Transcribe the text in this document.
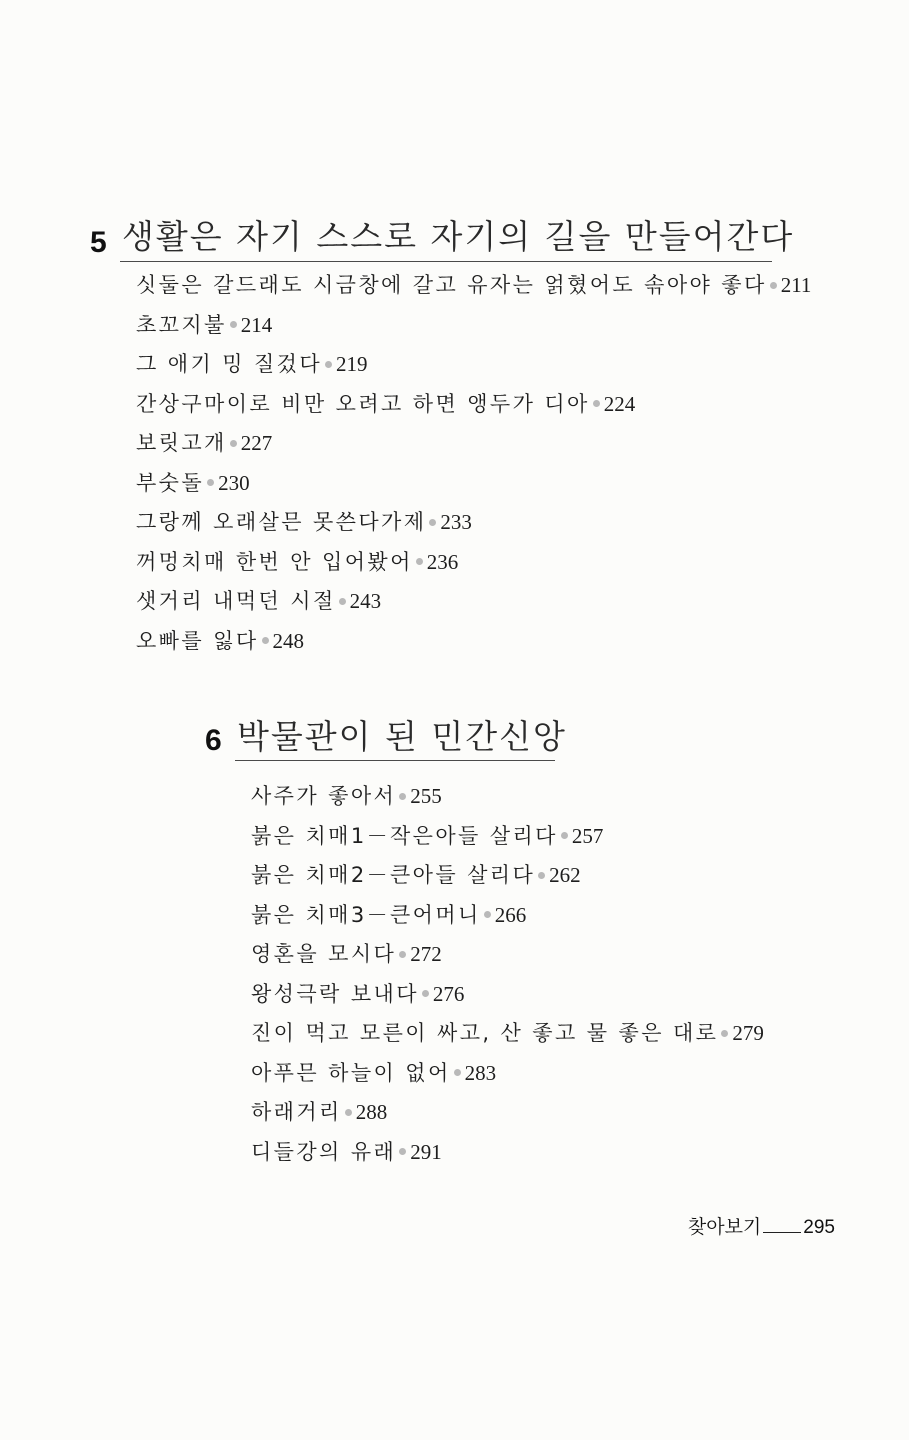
5 생활은 자기 스스로 자기의 길을 만들어간다
싯둘은 갈드래도 시금창에 갈고 유자는 얽혔어도 솎아야 좋다 211
초꼬지불 214
그 애기 밍 질겄다 219
간상구마이로 비만 오려고 하면 앵두가 디아 224
보릿고개 227
부숫돌 230
그랑께 오래살믄 못쓴다가제 233
꺼멍치매 한번 안 입어봤어 236
샛거리 내먹던 시절 243
오빠를 잃다 248
6 박물관이 된 민간신앙
사주가 좋아서 255
붉은 치매1－작은아들 살리다 257
붉은 치매2－큰아들 살리다 262
붉은 치매3－큰어머니 266
영혼을 모시다 272
왕성극락 보내다 276
진이 먹고 모른이 싸고, 산 좋고 물 좋은 대로 279
아푸믄 하늘이 없어 283
하래거리 288
디들강의 유래 291
찾아보기 295
